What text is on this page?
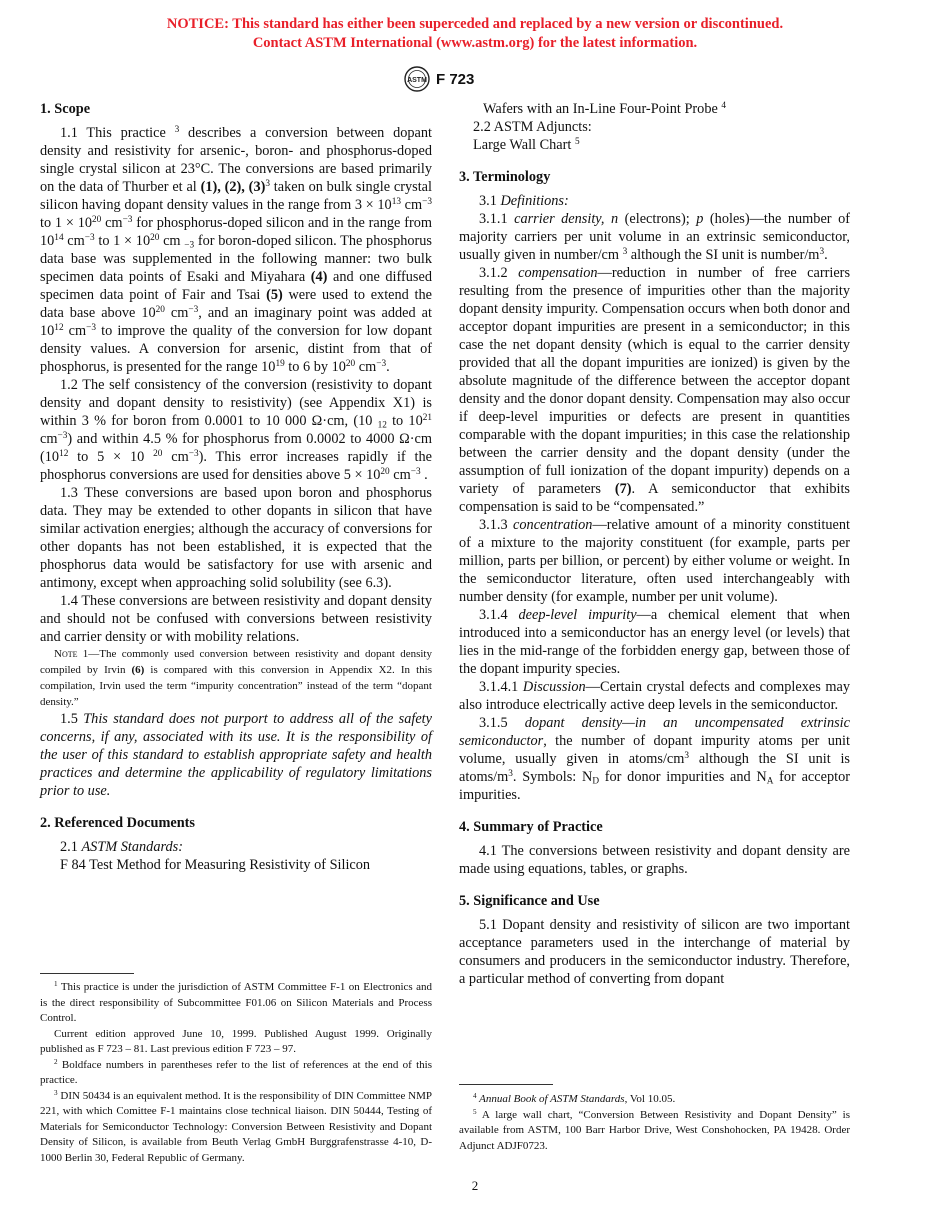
NOTICE: This standard has either been superceded and replaced by a new version or discontinued.
Contact ASTM International (www.astm.org) for the latest information.
ASTM F 723
1. Scope

1.1 This practice $^3$ describes a conversion between dopant density and resistivity for arsenic-, boron- and phosphorus-doped single crystal silicon at 23°C. The conversions are based primarily on the data of Thurber et al (1), (2), $(3)^3$ taken on bulk single crystal silicon having dopant density values in the range from $3 \times 10^{13}$ $cm^{-3}$ to $1 \times 10^{20}$ $cm^{-3}$ for phosphorus-doped silicon and in the range from $10^{14}$ $cm^{-3}$ to $1 \times 10^{20}$ cm $_{-3}$ for boron-doped silicon. The phosphorus data base was supplemented in the following manner: two bulk specimen data points of Esaki and Miyahara (4) and one diffused specimen data point of Fair and Tsai (5) were used to extend the data base above $10^{20}$ $cm^{-3}$, and an imaginary point was added at $10^{12}$ $cm^{-3}$ to improve the quality of the conversion for low dopant density values. A conversion for arsenic, distint from that of phosphorus, is presented for the range $10^{19}$ to 6 by $10^{20}$ $cm^{-3}$.

1.2 The self consistency of the conversion (resistivity to dopant density and dopant density to resistivity) (see Appendix X1) is within 3 % for boron from 0.0001 to 10 000 Ω·cm, (10 $_{12}$ to $10^{21}$ $cm^{-3}$) and within 4.5 % for phosphorus from 0.0002 to 4000 Ω·cm ($10^{12}$ to 5 × 10 $^{20}$ $cm^{-3}$). This error increases rapidly if the phosphorus conversions are used for densities above $5 \times 10^{20}$ $cm^{-3}$ .

1.3 These conversions are based upon boron and phosphorus data. They may be extended to other dopants in silicon that have similar activation energies; although the accuracy of conversions for other dopants has not been established, it is expected that the phosphorus data would be satisfactory for use with arsenic and antimony, except when approaching solid solubility (see 6.3).

1.4 These conversions are between resistivity and dopant density and should not be confused with conversions between resistivity and carrier density or with mobility relations.

Note 1—The commonly used conversion between resistivity and dopant density compiled by Irvin (6) is compared with this conversion in Appendix X2. In this compilation, Irvin used the term “impurity concentration” instead of the term “dopant density.”

1.5 This standard does not purport to address all of the safety concerns, if any, associated with its use. It is the responsibility of the user of this standard to establish appropriate safety and health practices and determine the applicability of regulatory limitations prior to use.

2. Referenced Documents

2.1 ASTM Standards:

F 84 Test Method for Measuring Resistivity of Silicon

$^1$ This practice is under the jurisdiction of ASTM Committee F-1 on Electronics and is the direct responsibility of Subcommittee F01.06 on Silicon Materials and Process Control.

Current edition approved June 10, 1999. Published August 1999. Originally published as F 723 – 81. Last previous edition F 723 – 97.

$^2$ Boldface numbers in parentheses refer to the list of references at the end of this practice.

$^3$ DIN 50434 is an equivalent method. It is the responsibility of DIN Committee NMP 221, with which Comittee F-1 maintains close technical liaison. DIN 50444, Testing of Materials for Semiconductor Technology: Conversion Between Resistivity and Dopant Density of Silicon, is available from Beuth Verlag GmbH Burggrafenstrasse 4-10, D-1000 Berlin 30, Federal Republic of Germany.

Wafers with an In-Line Four-Point Probe $^4$

2.2 ASTM Adjuncts:

Large Wall Chart $^5$

3. Terminology

3.1 Definitions:

3.1.1 carrier density, n (electrons); p (holes)—the number of majority carriers per unit volume in an extrinsic semiconductor, usually given in number/cm $^3$ although the SI unit is number/$m^3$.

3.1.2 compensation—reduction in number of free carriers resulting from the presence of impurities other than the majority dopant density impurity. Compensation occurs when both donor and acceptor dopant impurities are present in a semiconductor; in this case the net dopant density (which is equal to the carrier density provided that all the dopant impurities are ionized) is given by the absolute magnitude of the difference between the acceptor dopant density and the donor dopant density. Compensation may also occur if deep-level impurities or defects are present in quantities comparable with the dopant impurities; in this case the relationship between the carrier density and the dopant density (under the assumption of full ionization of the dopant impurity) depends on a variety of parameters (7). A semiconductor that exhibits compensation is said to be “compensated.”

3.1.3 concentration—relative amount of a minority constituent of a mixture to the majority constituent (for example, parts per million, parts per billion, or percent) by either volume or weight. In the semiconductor literature, often used interchangeably with number density (for example, number per unit volume).

3.1.4 deep-level impurity—a chemical element that when introduced into a semiconductor has an energy level (or levels) that lies in the mid-range of the forbidden energy gap, between those of the dopant impurity species.

3.1.4.1 Discussion—Certain crystal defects and complexes may also introduce electrically active deep levels in the semiconductor.

3.1.5 dopant density—in an uncompensated extrinsic semiconductor, the number of dopant impurity atoms per unit volume, usually given in atoms/$cm^3$ although the SI unit is atoms/$m^3$. Symbols: $N_D$ for donor impurities and $N_A$ for acceptor impurities.

4. Summary of Practice

4.1 The conversions between resistivity and dopant density are made using equations, tables, or graphs.

5. Significance and Use

5.1 Dopant density and resistivity of silicon are two important acceptance parameters used in the interchange of material by consumers and producers in the semiconductor industry. Therefore, a particular method of converting from dopant

$^4$ Annual Book of ASTM Standards, Vol 10.05.

$^5$ A large wall chart, “Conversion Between Resistivity and Dopant Density” is available from ASTM, 100 Barr Harbor Drive, West Conshohocken, PA 19428. Order Adjunct ADJF0723.

2
